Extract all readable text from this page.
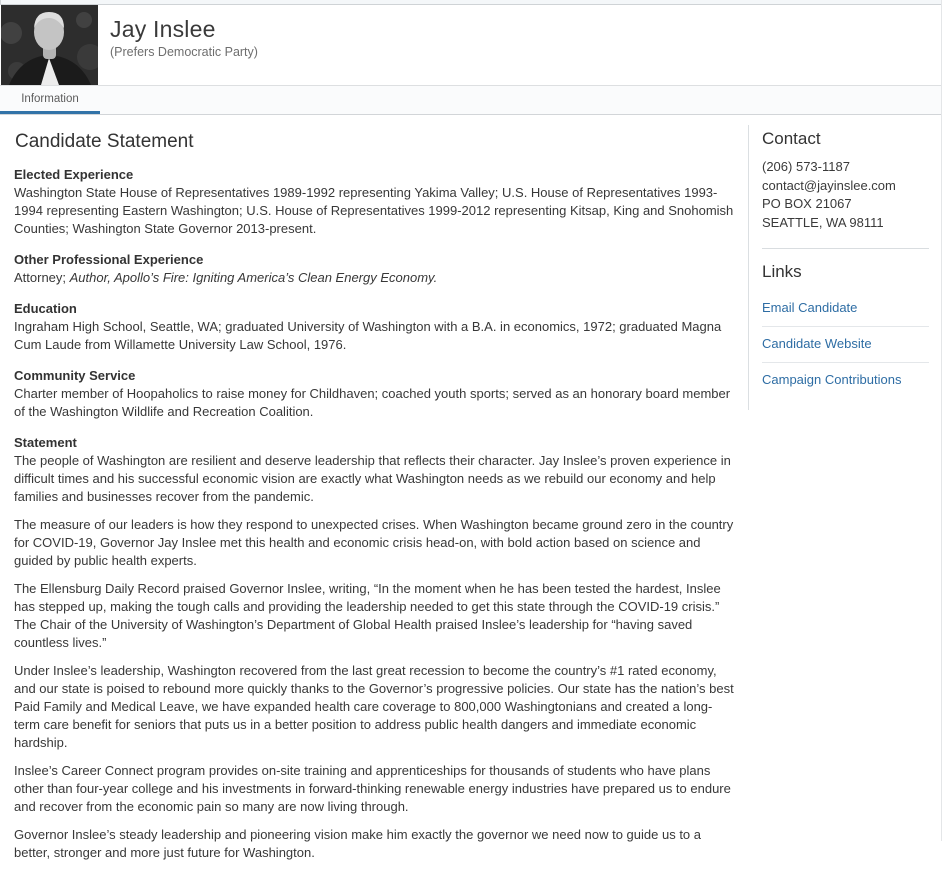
Jay Inslee
(Prefers Democratic Party)
Information
Candidate Statement
Elected Experience
Washington State House of Representatives 1989-1992 representing Yakima Valley; U.S. House of Representatives 1993-1994 representing Eastern Washington; U.S. House of Representatives 1999-2012 representing Kitsap, King and Snohomish Counties; Washington State Governor 2013-present.
Other Professional Experience
Attorney; Author, Apollo’s Fire: Igniting America’s Clean Energy Economy.
Education
Ingraham High School, Seattle, WA; graduated University of Washington with a B.A. in economics, 1972; graduated Magna Cum Laude from Willamette University Law School, 1976.
Community Service
Charter member of Hoopaholics to raise money for Childhaven; coached youth sports; served as an honorary board member of the Washington Wildlife and Recreation Coalition.
Statement

The people of Washington are resilient and deserve leadership that reflects their character. Jay Inslee’s proven experience in difficult times and his successful economic vision are exactly what Washington needs as we rebuild our economy and help families and businesses recover from the pandemic.

The measure of our leaders is how they respond to unexpected crises. When Washington became ground zero in the country for COVID-19, Governor Jay Inslee met this health and economic crisis head-on, with bold action based on science and guided by public health experts.

The Ellensburg Daily Record praised Governor Inslee, writing, “In the moment when he has been tested the hardest, Inslee has stepped up, making the tough calls and providing the leadership needed to get this state through the COVID-19 crisis.” The Chair of the University of Washington’s Department of Global Health praised Inslee’s leadership for “having saved countless lives.”

Under Inslee’s leadership, Washington recovered from the last great recession to become the country’s #1 rated economy, and our state is poised to rebound more quickly thanks to the Governor’s progressive policies. Our state has the nation’s best Paid Family and Medical Leave, we have expanded health care coverage to 800,000 Washingtonians and created a long-term care benefit for seniors that puts us in a better position to address public health dangers and immediate economic hardship.

Inslee’s Career Connect program provides on-site training and apprenticeships for thousands of students who have plans other than four-year college and his investments in forward-thinking renewable energy industries have prepared us to endure and recover from the economic pain so many are now living through.

Governor Inslee’s steady leadership and pioneering vision make him exactly the governor we need now to guide us to a better, stronger and more just future for Washington.

Contact
(206) 573-1187
contact@jayinslee.com
PO BOX 21067
SEATTLE, WA 98111
Links
Email Candidate
Candidate Website
Campaign Contributions
